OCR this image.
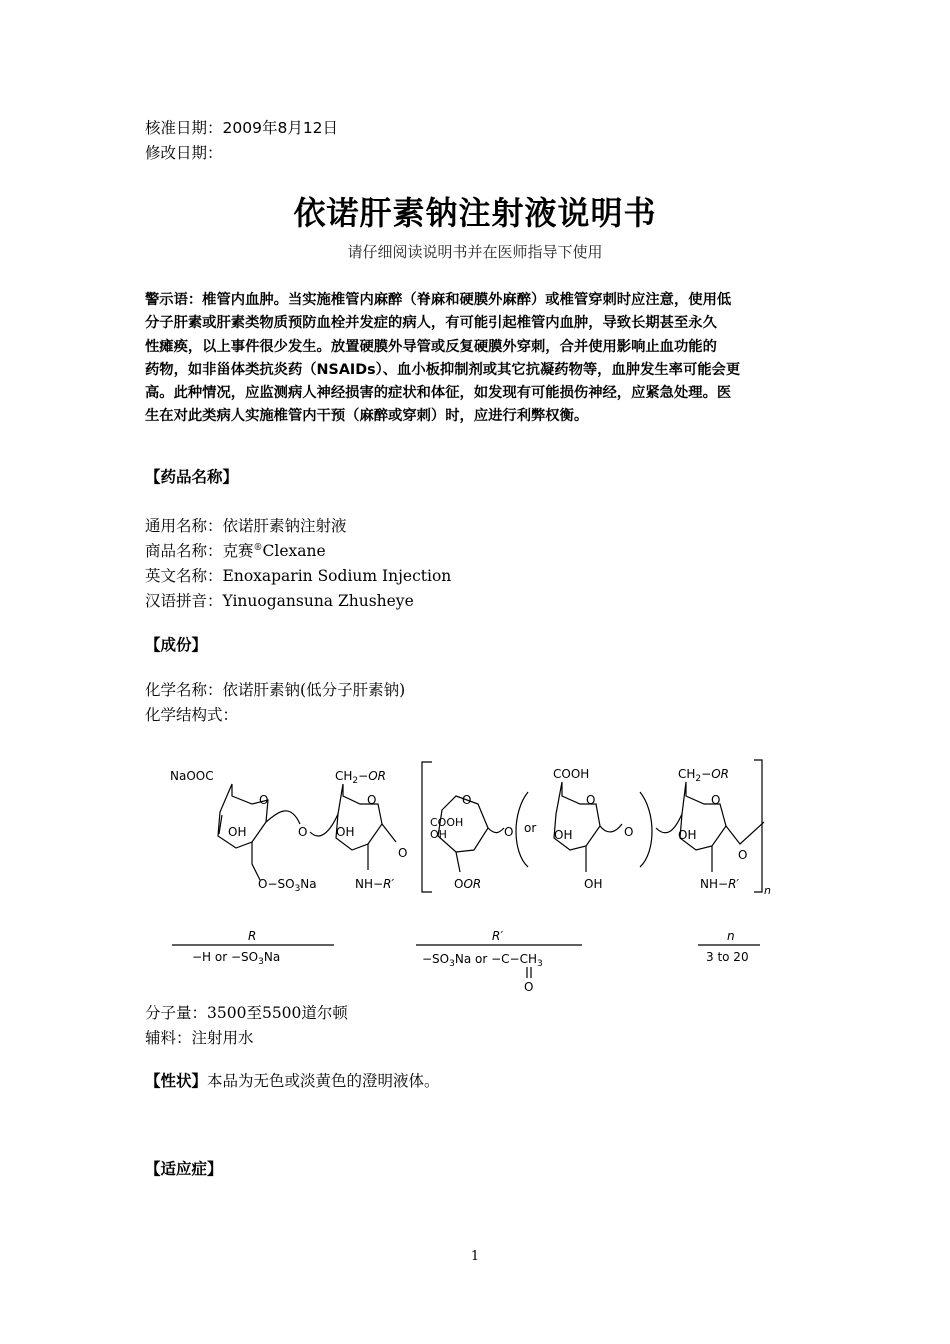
核准日期：2009年8月12日
修改日期：
依诺肝素钠注射液说明书
请仔细阅读说明书并在医师指导下使用

警示语：椎管内血肿。当实施椎管内麻醉（脊麻和硬膜外麻醉）或椎管穿刺时应注意，使用低

分子肝素或肝素类物质预防血栓并发症的病人，有可能引起椎管内血肿，导致长期甚至永久

性瘫痪，以上事件很少发生。放置硬膜外导管或反复硬膜外穿刺，合并使用影响止血功能的

药物，如非甾体类抗炎药（NSAIDs）、血小板抑制剂或其它抗凝药物等，血肿发生率可能会更

高。此种情况，应监测病人神经损害的症状和体征，如发现有可能损伤神经，应紧急处理。医

生在对此类病人实施椎管内干预（麻醉或穿刺）时，应进行利弊权衡。

【药品名称】
通用名称：依诺肝素钠注射液
商品名称：克赛®Clexane
英文名称：Enoxaparin Sodium Injection
汉语拼音：Yinuogansuna Zhusheye
【成份】
化学名称：依诺肝素钠(低分子肝素钠)
化学结构式：
NaOOC
O
OH
$O-SO_3Na$
O
$CH_2-OR$
O
OH
NH−R′
O
O
COOH
OH
OOR
O or
COOH
O
OH
OH
O
$CH_2-OR$
O
OH
NH−R′
O
n
R
−H or $-SO_3Na$
R′
$-SO_3Na$ or $-C-CH_3$
O
n
3 to 20
分子量：3500至5500道尔顿
辅料：注射用水
【性状】本品为无色或淡黄色的澄明液体。
【适应症】
1
